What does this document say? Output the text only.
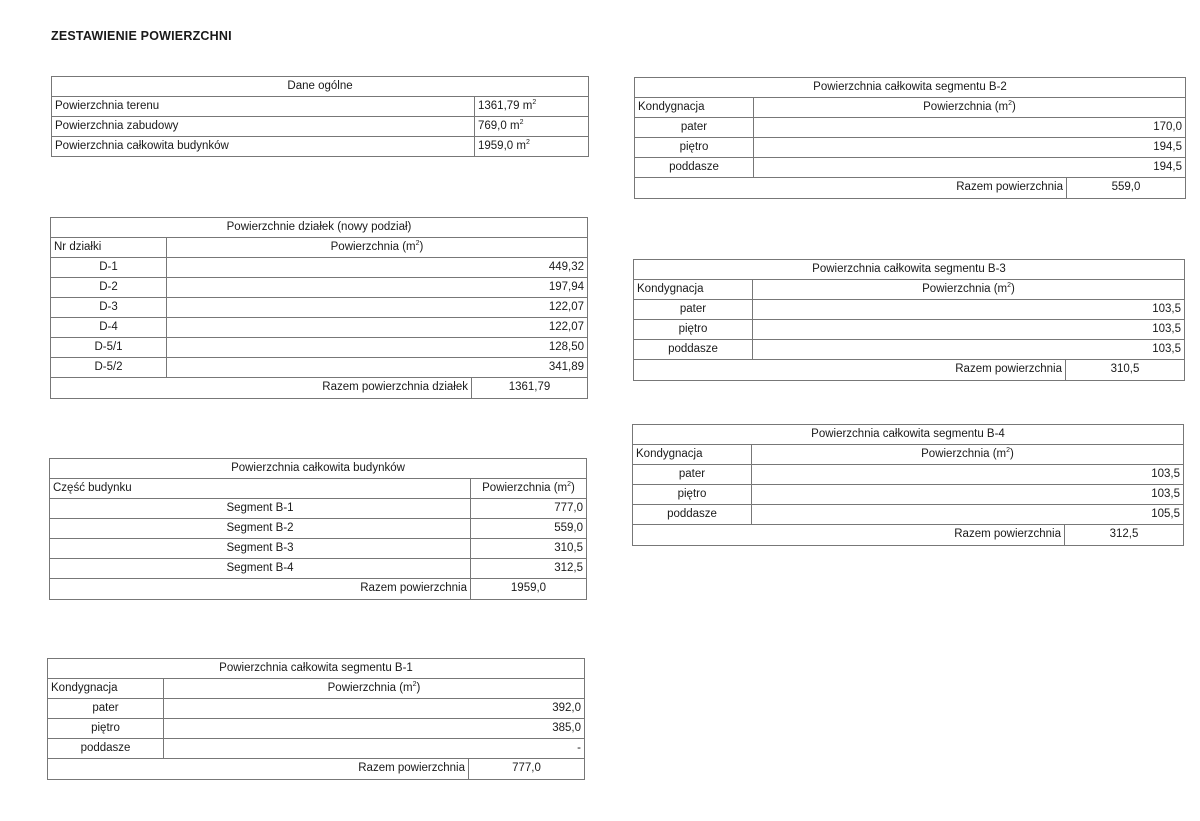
ZESTAWIENIE POWIERZCHNI
Dane ogólne	
Powierzchnia terenu	1361,79 $m^2$
Powierzchnia zabudowy	769,0 $m^2$
Powierzchnia całkowita budynków	1959,0 $m^2$
Powierzchnie działek (nowy podział)		
Nr działki	Powierzchnia $(m^2)$	
D-1	449,32	
D-2	197,94	
D-3	122,07	
D-4	122,07	
D-5/1	128,50	
D-5/2	341,89	
Razem powierzchnia działek		1361,79
Powierzchnia całkowita budynków	
Część budynku	Powierzchnia $(m^2)$
Segment B-1	777,0
Segment B-2	559,0
Segment B-3	310,5
Segment B-4	312,5
Razem powierzchnia	1959,0
Powierzchnia całkowita segmentu B-1		
Kondygnacja	Powierzchnia $(m^2)$	
pater	392,0	
piętro	385,0	
poddasze	-	
Razem powierzchnia		777,0
Powierzchnia całkowita segmentu B-2		
Kondygnacja	Powierzchnia $(m^2)$	
pater	170,0	
piętro	194,5	
poddasze	194,5	
Razem powierzchnia		559,0
Powierzchnia całkowita segmentu B-3		
Kondygnacja	Powierzchnia $(m^2)$	
pater	103,5	
piętro	103,5	
poddasze	103,5	
Razem powierzchnia		310,5
Powierzchnia całkowita segmentu B-4		
Kondygnacja	Powierzchnia $(m^2)$	
pater	103,5	
piętro	103,5	
poddasze	105,5	
Razem powierzchnia		312,5
